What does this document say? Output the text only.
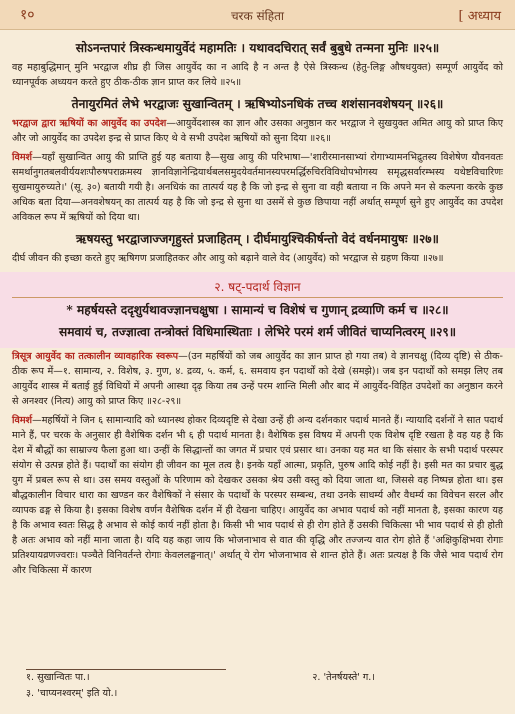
१०	चरक संहिता	[ अध्याय
सोऽनन्तपारं त्रिस्कन्धमायुर्वेदं महामतिः । यथावदचिरात् सर्वं बुबुधे तन्मना मुनिः ॥२५॥

वह महाबुद्धिमान् मुनि भरद्वाज शीघ्र ही जिस आयुर्वेद का न आदि है न अन्त है ऐसे त्रिस्कन्ध (हेतु-लिङ्ग औषधयुक्त) सम्पूर्ण आयुर्वेद को ध्यानपूर्वक अध्ययन करते हुए ठीक-ठीक ज्ञान प्राप्त कर लिये ॥२५॥

तेनायुरमितं लेभे भरद्वाजः सुखान्वितम् । ऋषिभ्योऽनधिकं तच्च शशंसानवशेषयन् ॥२६॥

भरद्वाज द्वारा ऋषियों का आयुर्वेद का उपदेश—आयुर्वेदशास्त्र का ज्ञान और उसका अनुष्ठान कर भरद्वाज ने सुखयुक्त अमित आयु को प्राप्त किए और जो आयुर्वेद का उपदेश इन्द्र से प्राप्त किए थे वे सभी उपदेश ऋषियों को सुना दिया ॥२६॥

विमर्श—यहाँ सुखान्वित आयु की प्राप्ति हुई यह बताया है—सुख आयु की परिभाषा—'शारीरमानसाभ्यां रोगाभ्यामनभिद्रुतस्य विशेषेण यौवनवतः समर्थानुगतबलवीर्ययशःपौरुषपराक्रमस्य ज्ञानविज्ञानेन्द्रियार्थबलसमुदयेवर्तमानस्यपरमर्द्धिरुचिरविविधोपभोगस्य समृद्धसर्वारम्भस्य यथेष्टविचारिणः सुखमायुरुच्यते।' (सू. ३०) बतायी गयी है। अनधिकं का तात्पर्य यह है कि जो इन्द्र से सुना वा वही बताया न कि अपने मन से कल्पना करके कुछ अधिक बता दिया—अनवशेषयन् का तात्पर्य यह है कि जो इन्द्र से सुना था उसमें से कुछ छिपाया नहीं अर्थात् सम्पूर्ण सुने हुए आयुर्वेद का उपदेश अविकल रूप में ऋषियों को दिया था।

ऋषयस्तु भरद्वाजाज्जगृहुस्तं प्रजाहितम् । दीर्घमायुश्चिकीर्षन्तो वेदं वर्धनमायुषः ॥२७॥

दीर्घ जीवन की इच्छा करते हुए ऋषिगण प्रजाहितकर और आयु को बढ़ाने वाले वेद (आयुर्वेद) को भरद्वाज से ग्रहण किया ॥२७॥

२. षट्-पदार्थ विज्ञान
* महर्षयस्ते ददृशुर्यथावज्ज्ञानचक्षुषा । सामान्यं च विशेषं च गुणान् द्रव्याणि कर्म च ॥२८॥
समवायं च, तज्ज्ञात्वा तन्त्रोक्तं विधिमास्थिताः । लेभिरे परमं शर्म जीवितं चाप्यनित्वरम् ॥२९॥

त्रिसूत्र आयुर्वेद का तत्कालीन व्यावहारिक स्वरूप—(उन महर्षियों को जब आयुर्वेद का ज्ञान प्राप्त हो गया तब) वे ज्ञानचक्षु (दिव्य दृष्टि) से ठीक-ठीक रूप में—१. सामान्य, २. विशेष, ३. गुण, ४. द्रव्य, ५. कर्म, ६. समवाय इन पदार्थों को देखे (समझे)। जब इन पदार्थों को समझ लिए तब आयुर्वेद शास्त्र में बताई हुई विधियों में अपनी आस्था दृढ़ किया तब उन्हें परम शान्ति मिली और बाद में आयुर्वेद-विहित उपदेशों का अनुष्ठान करने से अनश्वर (नित्य) आयु को प्राप्त किए ॥२८-२९॥

विमर्श—महर्षियों ने जिन ६ सामान्यादि को ध्यानस्थ होकर दिव्यदृष्टि से देखा उन्हें ही अन्य दर्शनकार पदार्थ मानते हैं। न्यायादि दर्शनों ने सात पदार्थ माने हैं, पर चरक के अनुसार ही वैशेषिक दर्शन भी ६ ही पदार्थ मानता है। वैशेषिक इस विषय में अपनी एक विशेष दृष्टि रखता है वह यह है कि देश में बौद्धों का साम्राज्य फैला हुआ था। उन्हीं के सिद्धान्तों का जगत में प्रचार एवं प्रसार था। उनका यह मत था कि संसार के सभी पदार्थ परस्पर संयोग से उत्पन्न होते हैं। पदार्थों का संयोग ही जीवन का मूल तत्व है। इनके यहाँ आत्मा, प्रकृति, पुरुष आदि कोई नहीं है। इसी मत का प्रचार बुद्ध युग में प्रबल रूप से था। उस समय वस्तुओं के परिणाम को देखकर उसका श्रेय उसी वस्तु को दिया जाता था, जिससे वह निष्पन्न होता था। इस बौद्धकालीन विचार धारा का खण्डन कर वैशेषिकों ने संसार के पदार्थों के परस्पर सम्बन्ध, तथा उनके साधर्म्य और वैधर्म्य का विवेचन सरल और व्यापक ढङ्ग से किया है। इसका विशेष वर्णन वैशेषिक दर्शन में ही देखना चाहिए। आयुर्वेद का अभाव पदार्थ को नहीं मानता है, इसका कारण यह है कि अभाव स्वतः सिद्ध है अभाव से कोई कार्य नहीं होता है। किसी भी भाव पदार्थ से ही रोग होते हैं उसकी चिकित्सा भी भाव पदार्थ से ही होती है अतः अभाव को नहीं माना जाता है। यदि यह कहा जाय कि भोजनाभाव से वात की वृद्धि और तज्जन्य वात रोग होते हैं 'अक्षिकुक्षिभवा रोगाः प्रतिश्यायव्रणज्वराः। पञ्चैते विनिवर्तन्ते रोगाः केवललङ्घनात्।' अर्थात् ये रोग भोजनाभाव से शान्त होते हैं। अतः प्रत्यक्ष है कि जैसे भाव पदार्थ रोग और चिकित्सा में कारण

१. सुखान्वितः पा.।	२. 'तेनर्षयस्ते' ग.।
३. 'चाप्यनश्वरम्' इति यो.।
